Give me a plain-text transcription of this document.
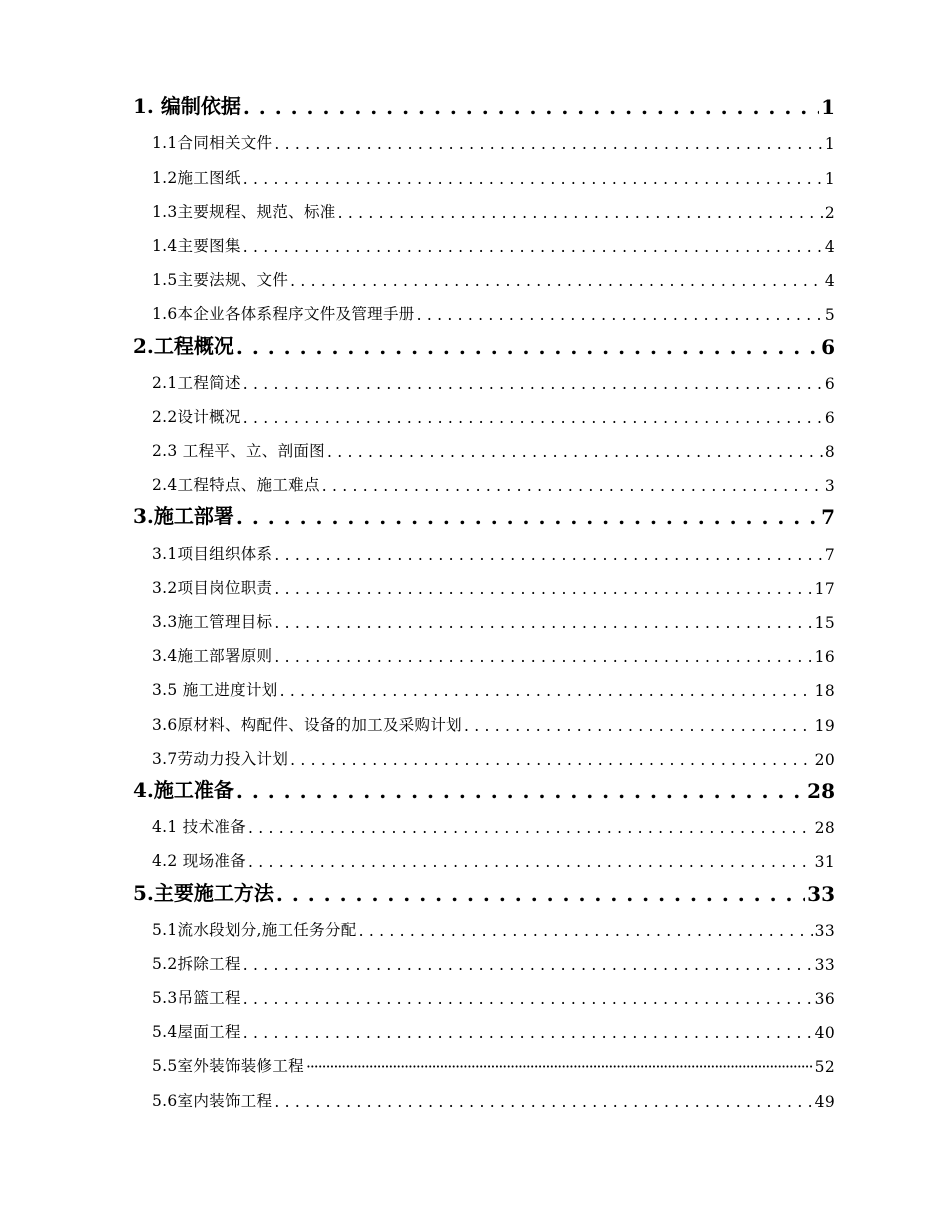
1. 编制依据 . . .	1
1.1合同相关文件 . . .	1
1.2施工图纸 . . .	1
1.3主要规程、规范、标准 . . .	2
1.4主要图集 . . .	4
1.5主要法规、文件 . . .	4
1.6本企业各体系程序文件及管理手册 . . .	5
2.工程概况 . . .	6
2.1工程简述 . . .	6
2.2设计概况 . . .	6
2.3 工程平、立、剖面图 . . .	8
2.4工程特点、施工难点 . . .	3
3.施工部署 . . .	7
3.1项目组织体系 . . .	7
3.2项目岗位职责 . . .	17
3.3施工管理目标 . . .	15
3.4施工部署原则 . . .	16
3.5 施工进度计划 . . .	18
3.6原材料、构配件、设备的加工及采购计划 . . .	19
3.7劳动力投入计划 . . .	20
4.施工准备 . . .	28
4.1 技术准备 . . .	28
4.2 现场准备 . . .	31
5.主要施工方法 . . .	33
5.1流水段划分,施工任务分配 . . .	33
5.2拆除工程 . . .	33
5.3吊篮工程 . . .	36
5.4屋面工程 . . .	40
5.5室外装饰装修工程 ·····	52
5.6室内装饰工程 . . .	49
